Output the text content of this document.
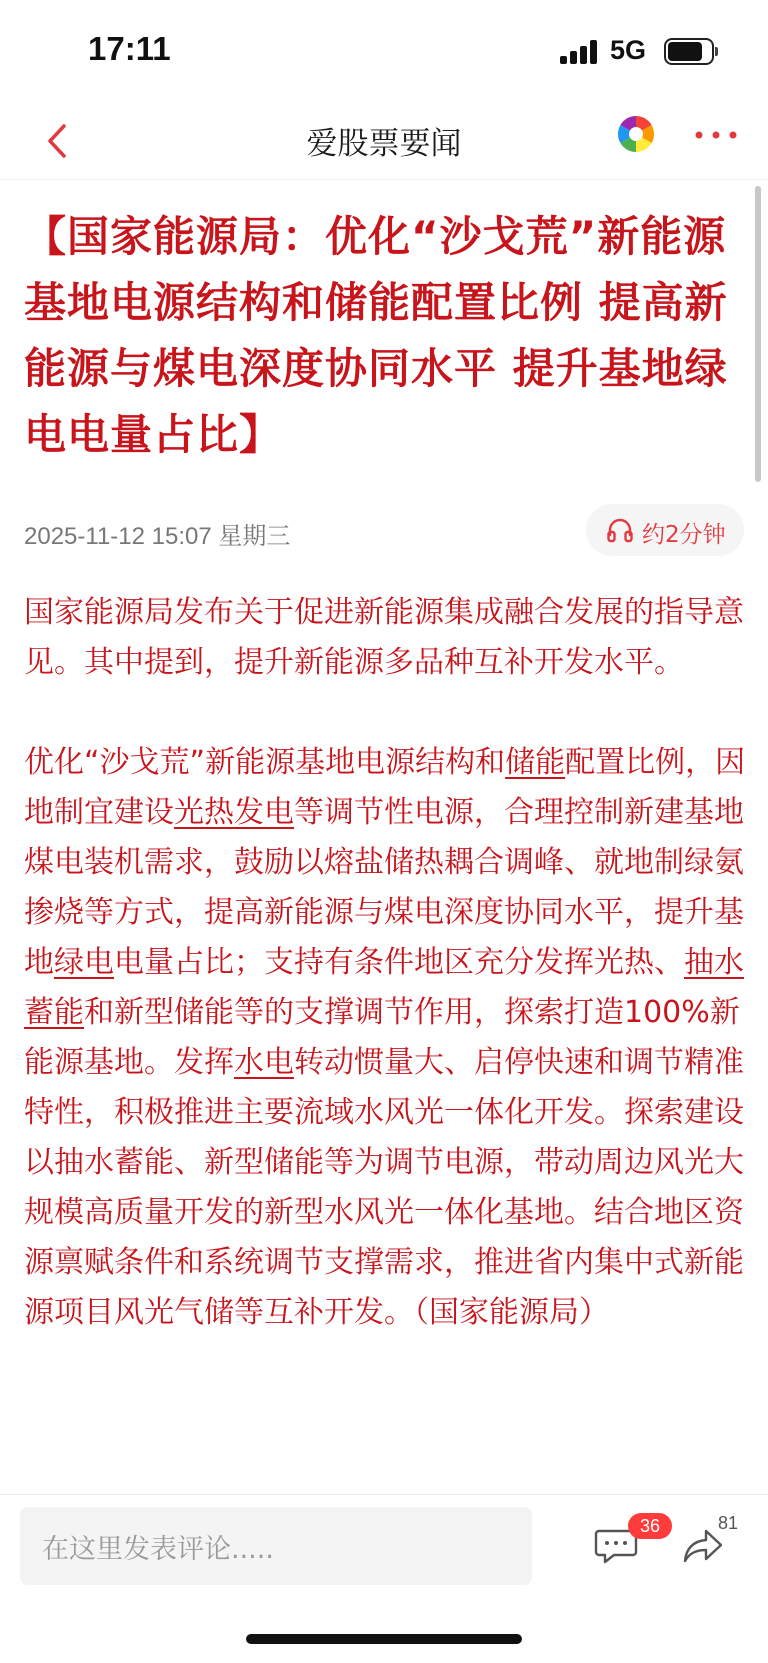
17:11	5G
爱股票要闻
【国家能源局：优化“沙戈荒”新能源基地电源结构和储能配置比例 提高新能源与煤电深度协同水平 提升基地绿电电量占比】
2025-11-12 15:07 星期三	约2分钟

国家能源局发布关于促进新能源集成融合发展的指导意见。其中提到，提升新能源多品种互补开发水平。

优化“沙戈荒”新能源基地电源结构和储能配置比例，因地制宜建设光热发电等调节性电源，合理控制新建基地煤电装机需求，鼓励以熔盐储热耦合调峰、就地制绿氨掺烧等方式，提高新能源与煤电深度协同水平，提升基地绿电电量占比；支持有条件地区充分发挥光热、抽水蓄能和新型储能等的支撑调节作用，探索打造100%新能源基地。发挥水电转动惯量大、启停快速和调节精准特性，积极推进主要流域水风光一体化开发。探索建设以抽水蓄能、新型储能等为调节电源，带动周边风光大规模高质量开发的新型水风光一体化基地。结合地区资源禀赋条件和系统调节支撑需求，推进省内集中式新能源项目风光气储等互补开发。（国家能源局）

在这里发表评论.....
36	81
